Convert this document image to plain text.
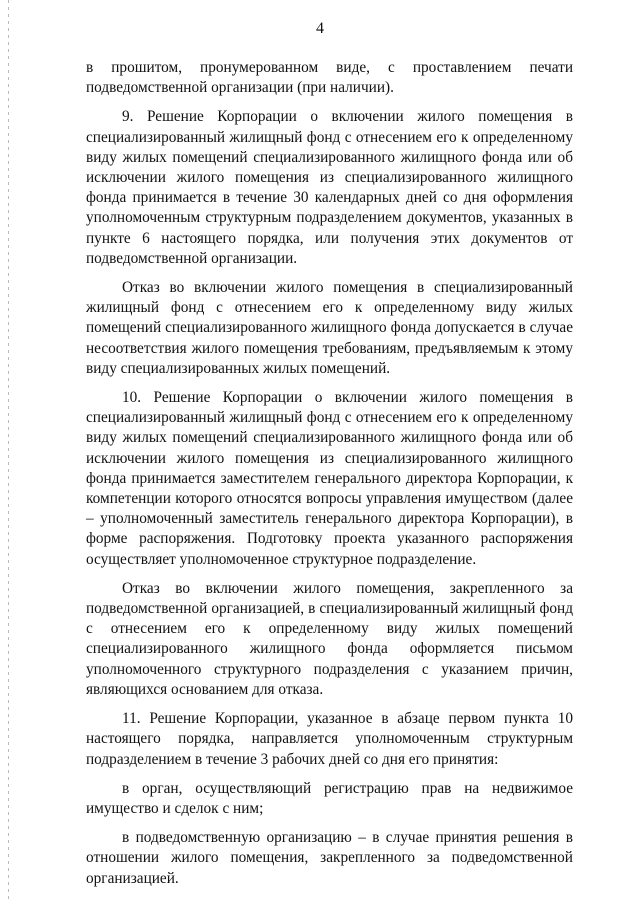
4

в прошитом, пронумерованном виде, с проставлением печати подведомственной организации (при наличии).

9. Решение Корпорации о включении жилого помещения в специализированный жилищный фонд с отнесением его к определенному виду жилых помещений специализированного жилищного фонда или об исключении жилого помещения из специализированного жилищного фонда принимается в течение 30 календарных дней со дня оформления уполномоченным структурным подразделением документов, указанных в пункте 6 настоящего порядка, или получения этих документов от подведомственной организации.

Отказ во включении жилого помещения в специализированный жилищный фонд с отнесением его к определенному виду жилых помещений специализированного жилищного фонда допускается в случае несоответствия жилого помещения требованиям, предъявляемым к этому виду специализированных жилых помещений.

10. Решение Корпорации о включении жилого помещения в специализированный жилищный фонд с отнесением его к определенному виду жилых помещений специализированного жилищного фонда или об исключении жилого помещения из специализированного жилищного фонда принимается заместителем генерального директора Корпорации, к компетенции которого относятся вопросы управления имуществом (далее – уполномоченный заместитель генерального директора Корпорации), в форме распоряжения. Подготовку проекта указанного распоряжения осуществляет уполномоченное структурное подразделение.

Отказ во включении жилого помещения, закрепленного за подведомственной организацией, в специализированный жилищный фонд с отнесением его к определенному виду жилых помещений специализированного жилищного фонда оформляется письмом уполномоченного структурного подразделения с указанием причин, являющихся основанием для отказа.

11. Решение Корпорации, указанное в абзаце первом пункта 10 настоящего порядка, направляется уполномоченным структурным подразделением в течение 3 рабочих дней со дня его принятия:

в орган, осуществляющий регистрацию прав на недвижимое имущество и сделок с ним;

в подведомственную организацию – в случае принятия решения в отношении жилого помещения, закрепленного за подведомственной организацией.
